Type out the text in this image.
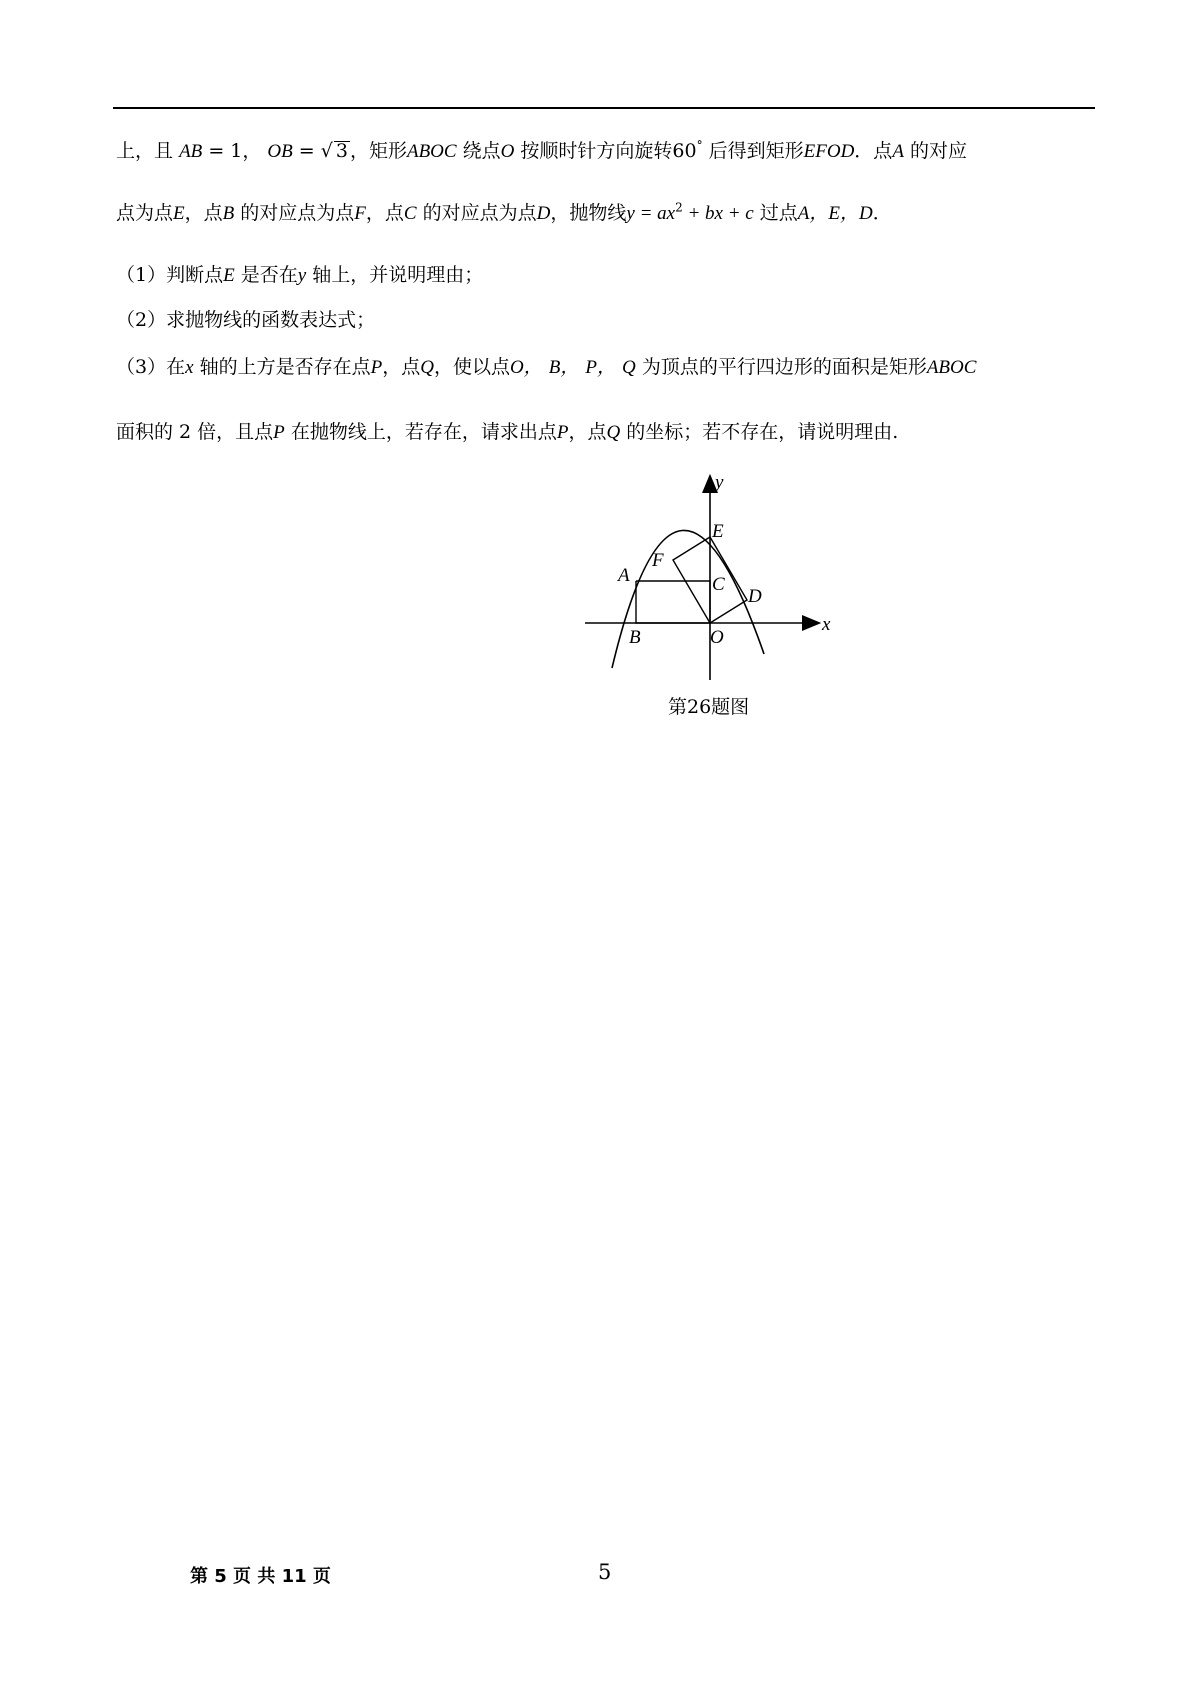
上，且 AB = 1， OB = √ 3 ，矩形ABOC 绕点O 按顺时针方向旋转60° 后得到矩形EFOD．点A 的对应
点为点E，点B 的对应点为点F，点C 的对应点为点D，抛物线$y = ax^2$ + bx + c 过点A，E，D．
（1）判断点E 是否在y 轴上，并说明理由；
（2）求抛物线的函数表达式；
（3）在x 轴的上方是否存在点P，点Q，使以点O， B， P， Q 为顶点的平行四边形的面积是矩形ABOC
面积的 2 倍，且点P 在抛物线上，若存在，请求出点P，点Q 的坐标；若不存在，请说明理由.
y
x
E
A
F
C
D
B	O
第26题图
第 5 页 共 11 页	5
